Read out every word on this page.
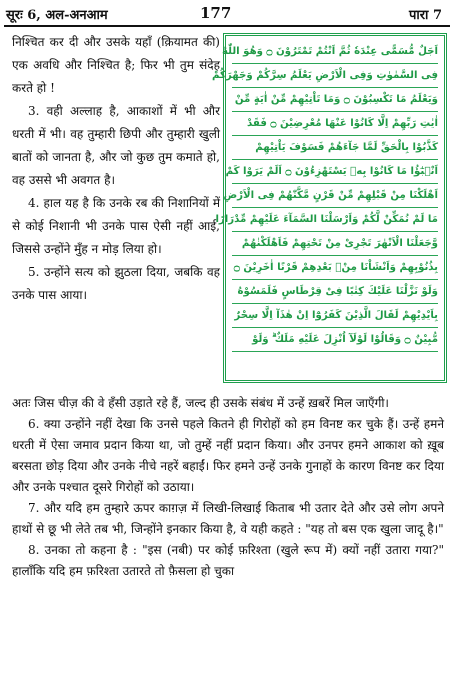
सूरः 6, अल-अनआम	177	पारा 7

निश्चित कर दी और उसके यहाँ (क़ियामत की) एक अवधि और निश्चित है; फिर भी तुम संदेह करते हो !

3. वही अल्लाह है, आकाशों में भी और धरती में भी। वह तुम्हारी छिपी और तुम्हारी खुली बातों को जानता है, और जो कुछ तुम कमाते हो, वह उससे भी अवगत है।

4. हाल यह है कि उनके रब की निशानियों में से कोई निशानी भी उनके पास ऐसी नहीं आई, जिससे उन्होंने मुँह न मोड़ लिया हो।

5. उन्होंने सत्य को झुठला दिया, जबकि वह उनके पास आया।

اَجَلٌ مُّسَمًّى عِنْدَهٗ ثُمَّ اَنْتُمْ تَمْتَرُوْنَ ۝ وَهُوَ اللّٰهُ
فِى السَّمٰوٰتِ وَفِى الْاَرْضِ يَعْلَمُ سِرَّكُمْ وَجَهْرَكُمْ
وَيَعْلَمُ مَا تَكْسِبُوْنَ ۝ وَمَا تَاْتِيْهِمْ مِّنْ اٰيَةٍ مِّنْ
اٰيٰتِ رَبِّهِمْ اِلَّا كَانُوْا عَنْهَا مُعْرِضِيْنَ ۝ فَقَدْ
كَذَّبُوْا بِالْحَقِّ لَمَّا جَآءَهُمْ فَسَوْفَ يَاْتِيْهِمْ
اَنْۢبٰٓؤُا مَا كَانُوْا بِهٖ يَسْتَهْزِءُوْنَ ۝ اَلَمْ يَرَوْا كَمْ
اَهْلَكْنَا مِنْ قَبْلِهِمْ مِّنْ قَرْنٍ مَّكَّنّٰهُمْ فِى الْاَرْضِ
مَا لَمْ نُمَكِّنْ لَّكُمْ وَاَرْسَلْنَا السَّمَآءَ عَلَيْهِمْ مِّدْرَارًا
وَّجَعَلْنَا الْاَنْهٰرَ تَجْرِىْ مِنْ تَحْتِهِمْ فَاَهْلَكْنٰهُمْ
بِذُنُوْبِهِمْ وَاَنْشَاْنَا مِنْۢ بَعْدِهِمْ قَرْنًا اٰخَرِيْنَ ۝
وَلَوْ نَزَّلْنَا عَلَيْكَ كِتٰبًا فِىْ قِرْطَاسٍ فَلَمَسُوْهُ
بِاَيْدِيْهِمْ لَقَالَ الَّذِيْنَ كَفَرُوْٓا اِنْ هٰذَآ اِلَّا سِحْرٌ
مُّبِيْنٌ ۝ وَقَالُوْا لَوْلَآ اُنْزِلَ عَلَيْهِ مَلَكٌ ۗ وَلَوْ

अतः जिस चीज़ की वे हँसी उड़ाते रहे हैं, जल्द ही उसके संबंध में उन्हें ख़बरें मिल जाएँगी।

6. क्या उन्होंने नहीं देखा कि उनसे पहले कितने ही गिरोहों को हम विनष्ट कर चुके हैं। उन्हें हमने धरती में ऐसा जमाव प्रदान किया था, जो तुम्हें नहीं प्रदान किया। और उनपर हमने आकाश को ख़ूब बरसता छोड़ दिया और उनके नीचे नहरें बहाईं। फिर हमने उन्हें उनके गुनाहों के कारण विनष्ट कर दिया और उनके पश्चात दूसरे गिरोहों को उठाया।

7. और यदि हम तुम्हारे ऊपर काग़ज़ में लिखी-लिखाई किताब भी उतार देते और उसे लोग अपने हाथों से छू भी लेते तब भी, जिन्होंने इनकार किया है, वे यही कहते : "यह तो बस एक खुला जादू है।"

8. उनका तो कहना है : "इस (नबी) पर कोई फ़रिश्ता (खुले रूप में) क्यों नहीं उतारा गया?" हालाँकि यदि हम फ़रिश्ता उतारते तो फ़ैसला हो चुका
